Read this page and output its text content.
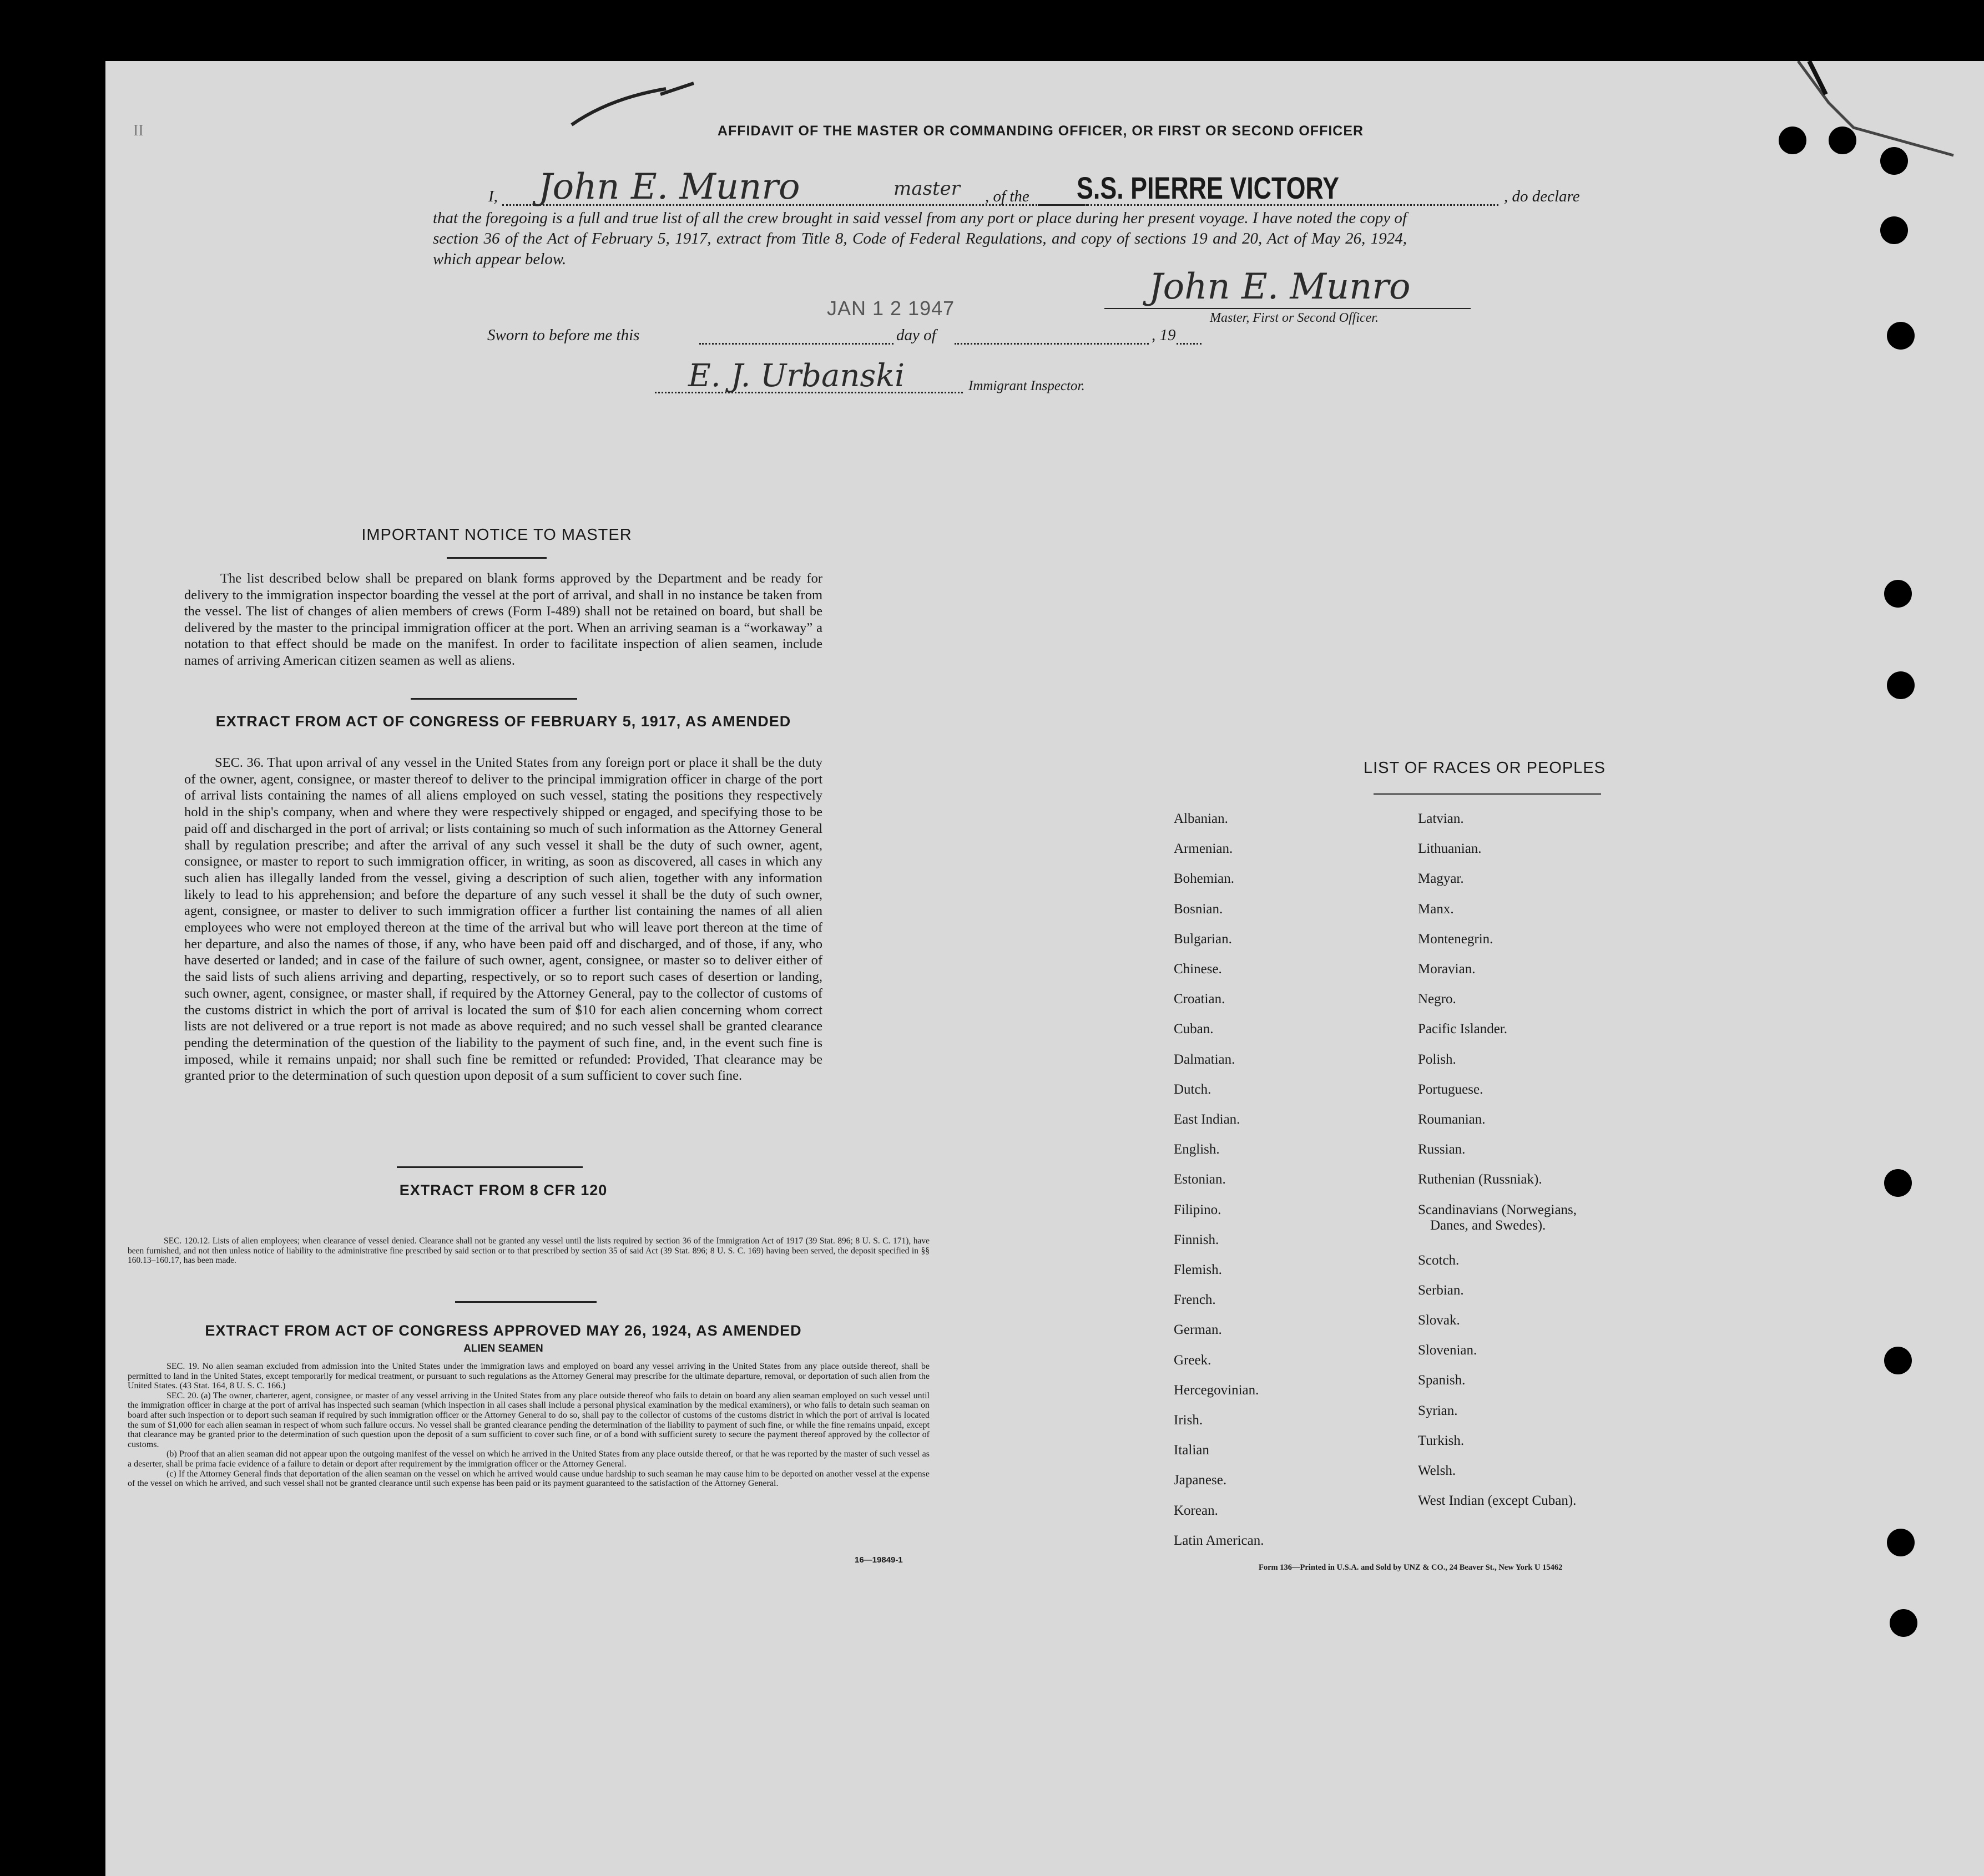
II	AFFIDAVIT OF THE MASTER OR COMMANDING OFFICER, OR FIRST OR SECOND OFFICER
I, John E. Munro	master , of the S.S. PIERRE VICTORY	, do declare
that the foregoing is a full and true list of all the crew brought in said vessel from any port or place during her present voyage. I have noted the copy of section 36 of the Act of February 5, 1917, extract from Title 8, Code of Federal Regulations, and copy of sections 19 and 20, Act of May 26, 1924, which appear below.
JAN 1 2 1947
John E. Munro
Master, First or Second Officer.
Sworn to before me this	day of	, 19
E. J. Urbanski	Immigrant Inspector.
IMPORTANT NOTICE TO MASTER
The list described below shall be prepared on blank forms approved by the Department and be ready for delivery to the immigration inspector boarding the vessel at the port of arrival, and shall in no instance be taken from the vessel. The list of changes of alien members of crews (Form I-489) shall not be retained on board, but shall be delivered by the master to the principal immigration officer at the port. When an arriving seaman is a “workaway” a notation to that effect should be made on the manifest. In order to facilitate inspection of alien seamen, include names of arriving American citizen seamen as well as aliens.
EXTRACT FROM ACT OF CONGRESS OF FEBRUARY 5, 1917, AS AMENDED
SEC. 36. That upon arrival of any vessel in the United States from any foreign port or place it shall be the duty of the owner, agent, consignee, or master thereof to deliver to the principal immigration officer in charge of the port of arrival lists containing the names of all aliens employed on such vessel, stating the positions they respectively hold in the ship's company, when and where they were respectively shipped or engaged, and specifying those to be paid off and discharged in the port of arrival; or lists containing so much of such information as the Attorney General shall by regulation prescribe; and after the arrival of any such vessel it shall be the duty of such owner, agent, consignee, or master to report to such immigration officer, in writing, as soon as discovered, all cases in which any such alien has illegally landed from the vessel, giving a description of such alien, together with any information likely to lead to his apprehension; and before the departure of any such vessel it shall be the duty of such owner, agent, consignee, or master to deliver to such immigration officer a further list containing the names of all alien employees who were not employed thereon at the time of the arrival but who will leave port thereon at the time of her departure, and also the names of those, if any, who have been paid off and discharged, and of those, if any, who have deserted or landed; and in case of the failure of such owner, agent, consignee, or master so to deliver either of the said lists of such aliens arriving and departing, respectively, or so to report such cases of desertion or landing, such owner, agent, consignee, or master shall, if required by the Attorney General, pay to the collector of customs of the customs district in which the port of arrival is located the sum of $10 for each alien concerning whom correct lists are not delivered or a true report is not made as above required; and no such vessel shall be granted clearance pending the determination of the question of the liability to the payment of such fine, and, in the event such fine is imposed, while it remains unpaid; nor shall such fine be remitted or refunded: Provided, That clearance may be granted prior to the determination of such question upon deposit of a sum sufficient to cover such fine.
EXTRACT FROM 8 CFR 120
SEC. 120.12. Lists of alien employees; when clearance of vessel denied. Clearance shall not be granted any vessel until the lists required by section 36 of the Immigration Act of 1917 (39 Stat. 896; 8 U. S. C. 171), have been furnished, and not then unless notice of liability to the administrative fine prescribed by said section or to that prescribed by section 35 of said Act (39 Stat. 896; 8 U. S. C. 169) having been served, the deposit specified in §§ 160.13–160.17, has been made.
EXTRACT FROM ACT OF CONGRESS APPROVED MAY 26, 1924, AS AMENDED
ALIEN SEAMEN
SEC. 19. No alien seaman excluded from admission into the United States under the immigration laws and employed on board any vessel arriving in the United States from any place outside thereof, shall be permitted to land in the United States, except temporarily for medical treatment, or pursuant to such regulations as the Attorney General may prescribe for the ultimate departure, removal, or deportation of such alien from the United States. (43 Stat. 164, 8 U. S. C. 166.)
SEC. 20. (a) The owner, charterer, agent, consignee, or master of any vessel arriving in the United States from any place outside thereof who fails to detain on board any alien seaman employed on such vessel until the immigration officer in charge at the port of arrival has inspected such seaman (which inspection in all cases shall include a personal physical examination by the medical examiners), or who fails to detain such seaman on board after such inspection or to deport such seaman if required by such immigration officer or the Attorney General to do so, shall pay to the collector of customs of the customs district in which the port of arrival is located the sum of $1,000 for each alien seaman in respect of whom such failure occurs. No vessel shall be granted clearance pending the determination of the liability to payment of such fine, or while the fine remains unpaid, except that clearance may be granted prior to the determination of such question upon the deposit of a sum sufficient to cover such fine, or of a bond with sufficient surety to secure the payment thereof approved by the collector of customs.
(b) Proof that an alien seaman did not appear upon the outgoing manifest of the vessel on which he arrived in the United States from any place outside thereof, or that he was reported by the master of such vessel as a deserter, shall be prima facie evidence of a failure to detain or deport after requirement by the immigration officer or the Attorney General.
(c) If the Attorney General finds that deportation of the alien seaman on the vessel on which he arrived would cause undue hardship to such seaman he may cause him to be deported on another vessel at the expense of the vessel on which he arrived, and such vessel shall not be granted clearance until such expense has been paid or its payment guaranteed to the satisfaction of the Attorney General.
16—19849-1
LIST OF RACES OR PEOPLES
Form 136—Printed in U.S.A. and Sold by UNZ & CO., 24 Beaver St., New York U 15462
Albanian.
Armenian.
Bohemian.
Bosnian.
Bulgarian.
Chinese.
Croatian.
Cuban.
Dalmatian.
Dutch.
East Indian.
English.
Estonian.
Filipino.
Finnish.
Flemish.
French.
German.
Greek.
Hercegovinian.
Irish.
Italian
Japanese.
Korean.
Latin American.
Latvian.
Lithuanian.
Magyar.
Manx.
Montenegrin.
Moravian.
Negro.
Pacific Islander.
Polish.
Portuguese.
Roumanian.
Russian.
Ruthenian (Russniak).
Scandinavians (Norwegians,
Danes, and Swedes).
Scotch.
Serbian.
Slovak.
Slovenian.
Spanish.
Syrian.
Turkish.
Welsh.
West Indian (except Cuban).
